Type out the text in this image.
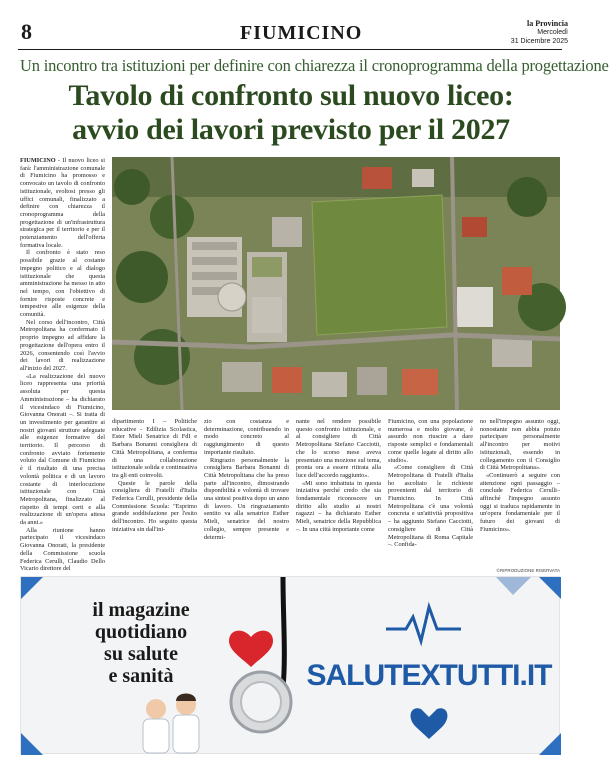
8	FIUMICINO	la Provincia
Mercoledì
31 Dicembre 2025
Un incontro tra istituzioni per definire con chiarezza il cronoprogramma della progettazione
Tavolo di confronto sul nuovo liceo:
avvio dei lavori previsto per il 2027

FIUMICINO - Il nuovo liceo si farà: l'amministrazione comunale di Fiumicino ha promosso e convocato un tavolo di confronto istituzionale, svoltosi presso gli uffici comunali, finalizzato a definire con chiarezza il cronoprogramma della progettazione di un'infrastruttura strategica per il territorio e per il potenziamento dell'offerta formativa locale.

Il confronto è stato reso possibile grazie al costante impegno politico e al dialogo istituzionale che questa amministrazione ha messo in atto nel tempo, con l'obiettivo di fornire risposte concrete e tempestive alle esigenze della comunità.

Nel corso dell'incontro, Città Metropolitana ha confermato il proprio impegno ad affidare la progettazione dell'opera entro il 2026, consentendo così l'avvio dei lavori di realizzazione all'inizio del 2027.

«La realizzazione del nuovo liceo rappresenta una priorità assoluta per questa Amministrazione – ha dichiarato il vicesindaco di Fiumicino, Giovanna Onorati –. Si tratta di un investimento per garantire ai nostri giovani strutture adeguate alle esigenze formative del territorio. Il percorso di confronto avviato fortemente voluto dal Comune di Fiumicino è il risultato di una precisa volontà politica e di un lavoro costante di interlocuzione istituzionale con Città Metropolitana, finalizzato al rispetto di tempi certi e alla realizzazione di un'opera attesa da anni.»

Alla riunione hanno partecipato il vicesindaco Giovanna Onorati, la presidente della Commissione scuola Federica Cerulli, Claudio Dello Vicario direttore del

dipartimento I – Politiche educative - Edilizia Scolastica, Ester Mieli Senatrice di FdI e Barbara Bonanni consigliera di Città Metropolitana, a conferma di una collaborazione istituzionale solida e continuativa tra gli enti coinvolti.

Queste le parole della consigliera di Fratelli d'Italia Federica Cerulli, presidente della Commissione Scuola: "Esprimo grande soddisfazione per l'esito dell'incontro. Ho seguito questa iniziativa sin dall'ini-

zio con costanza e determinazione, contribuendo in modo concreto al raggiungimento di questo importante risultato.

Ringrazio personalmente la consigliera Barbara Bonanni di Città Metropolitana che ha preso parte all'incontro, dimostrando disponibilità e volontà di trovare una sintesi positiva dopo un anno di lavoro. Un ringraziamento sentito va alla senatrice Esther Mieli, senatrice del nostro collegio, sempre presente e determi-

nante nel rendere possibile questo confronto istituzionale, e al consigliere di Città Metropolitana Stefano Cacciotti, che lo scorso mese aveva presentato una mozione sul tema, pronta ora a essere ritirata alla luce dell'accordo raggiunto».

«Mi sono imbattuta in questa iniziativa perché credo che sia fondamentale riconoscere un diritto allo studio ai nostri ragazzi – ha dichiarato Esther Mieli, senatrice della Repubblica –. In una città importante come

Fiumicino, con una popolazione numerosa e molto giovane, è assurdo non riuscire a dare risposte semplici e fondamentali come quelle legate al diritto allo studio».

«Come consigliere di Città Metropolitana di Fratelli d'Italia ho ascoltato le richieste provenienti dal territorio di Fiumicino. In Città Metropolitana c'è una volontà concreta e un'attività propositiva – ha aggiunto Stefano Cacciotti, consigliere di Città Metropolitana di Roma Capitale –. Confida-

no nell'impegno assunto oggi, nonostante non abbia potuto partecipare personalmente all'incontro per motivi istituzionali, essendo in collegamento con il Consiglio di Città Metropolitana».

«Continuerò a seguire con attenzione ogni passaggio –conclude Federica Cerulli– affinché l'impegno assunto oggi si traduca rapidamente in un'opera fondamentale per il futuro dei giovani di Fiumicino».

©RIPRODUZIONE RISERVATA
il magazine
quotidiano
su salute
e sanità	SALUTEXTUTTI.IT
